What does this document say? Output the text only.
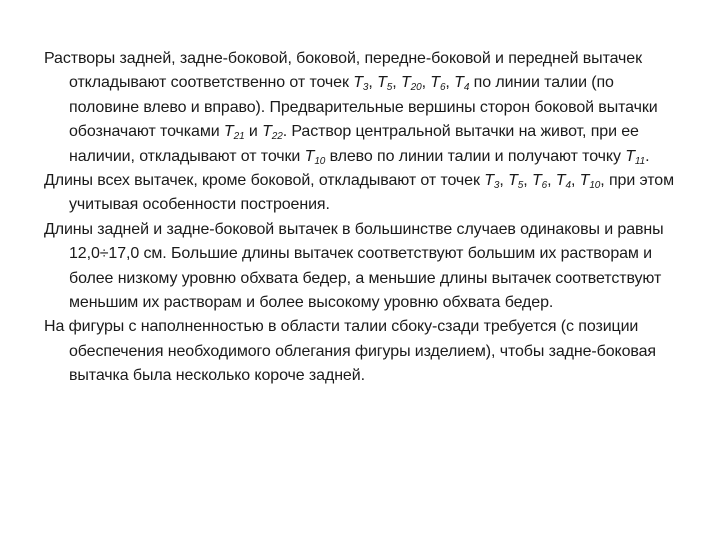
Растворы задней, задне-боковой, боковой, передне-боковой и передней вытачек откладывают соответственно от точек $Т_3$, $Т_5$, $Т_{20}$, $Т_6$, $Т_4$ по линии талии (по половине влево и вправо). Предварительные вершины сторон боковой вытачки обозначают точками $Т_{21}$ и $Т_{22}$. Раствор центральной вытачки на живот, при ее наличии, откладывают от точки $Т_{10}$ влево по линии талии и получают точку $Т_{11}$.

Длины всех вытачек, кроме боковой, откладывают от точек $Т_3$, $Т_5$, $Т_6$, $Т_4$, $Т_{10}$, при этом учитывая особенности построения.

Длины задней и задне-боковой вытачек в большинстве случаев одинаковы и равны 12,0÷17,0 см. Большие длины вытачек соответствуют большим их растворам и более низкому уровню обхвата бедер, а меньшие длины вытачек соответствуют меньшим их растворам и более высокому уровню обхвата бедер.

На фигуры с наполненностью в области талии сбоку-сзади требуется (с позиции обеспечения необходимого облегания фигуры изделием), чтобы задне-боковая вытачка была несколько короче задней.
